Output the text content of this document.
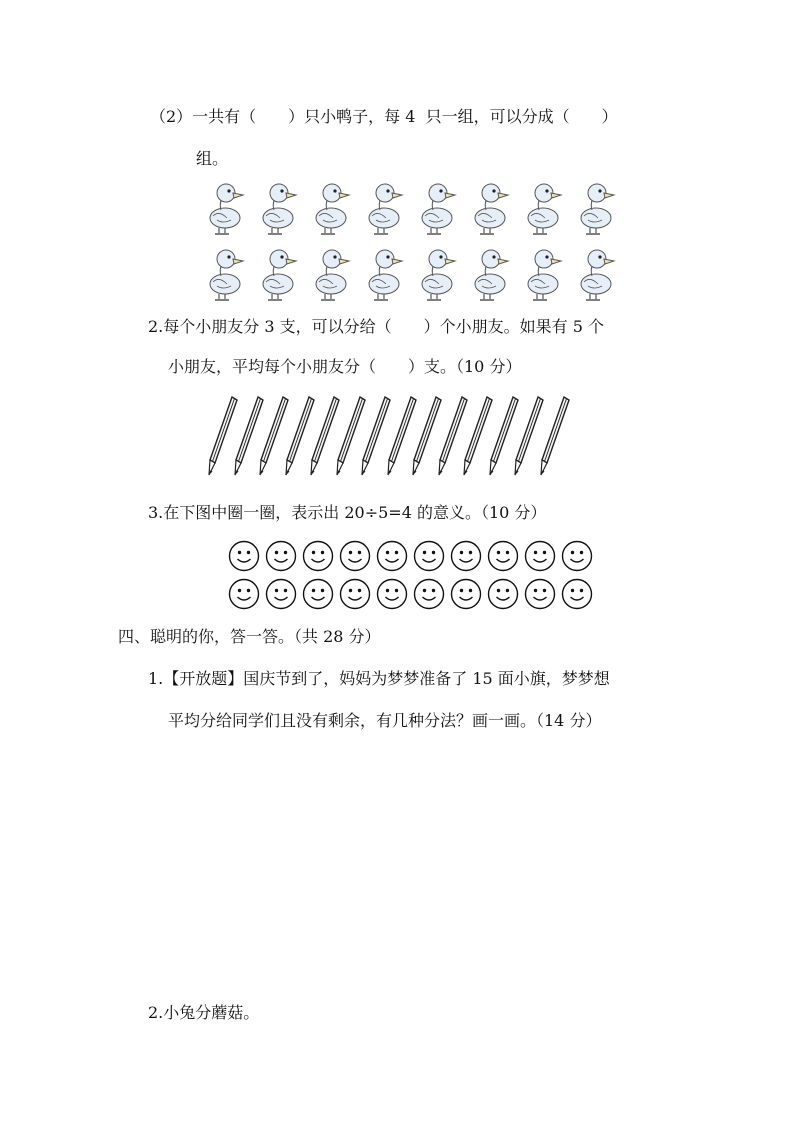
（2）一共有（　　）只小鸭子，每 4  只一组，可以分成（　　）
组。
2.每个小朋友分 3 支，可以分给（　　）个小朋友。如果有 5 个
小朋友，平均每个小朋友分（　　）支。（10 分）
3.在下图中圈一圈，表示出 20÷5=4 的意义。（10 分）
四、聪明的你，答一答。（共 28 分）
1.【开放题】国庆节到了，妈妈为梦梦准备了 15 面小旗，梦梦想
平均分给同学们且没有剩余，有几种分法？画一画。（14 分）
2.小兔分蘑菇。
